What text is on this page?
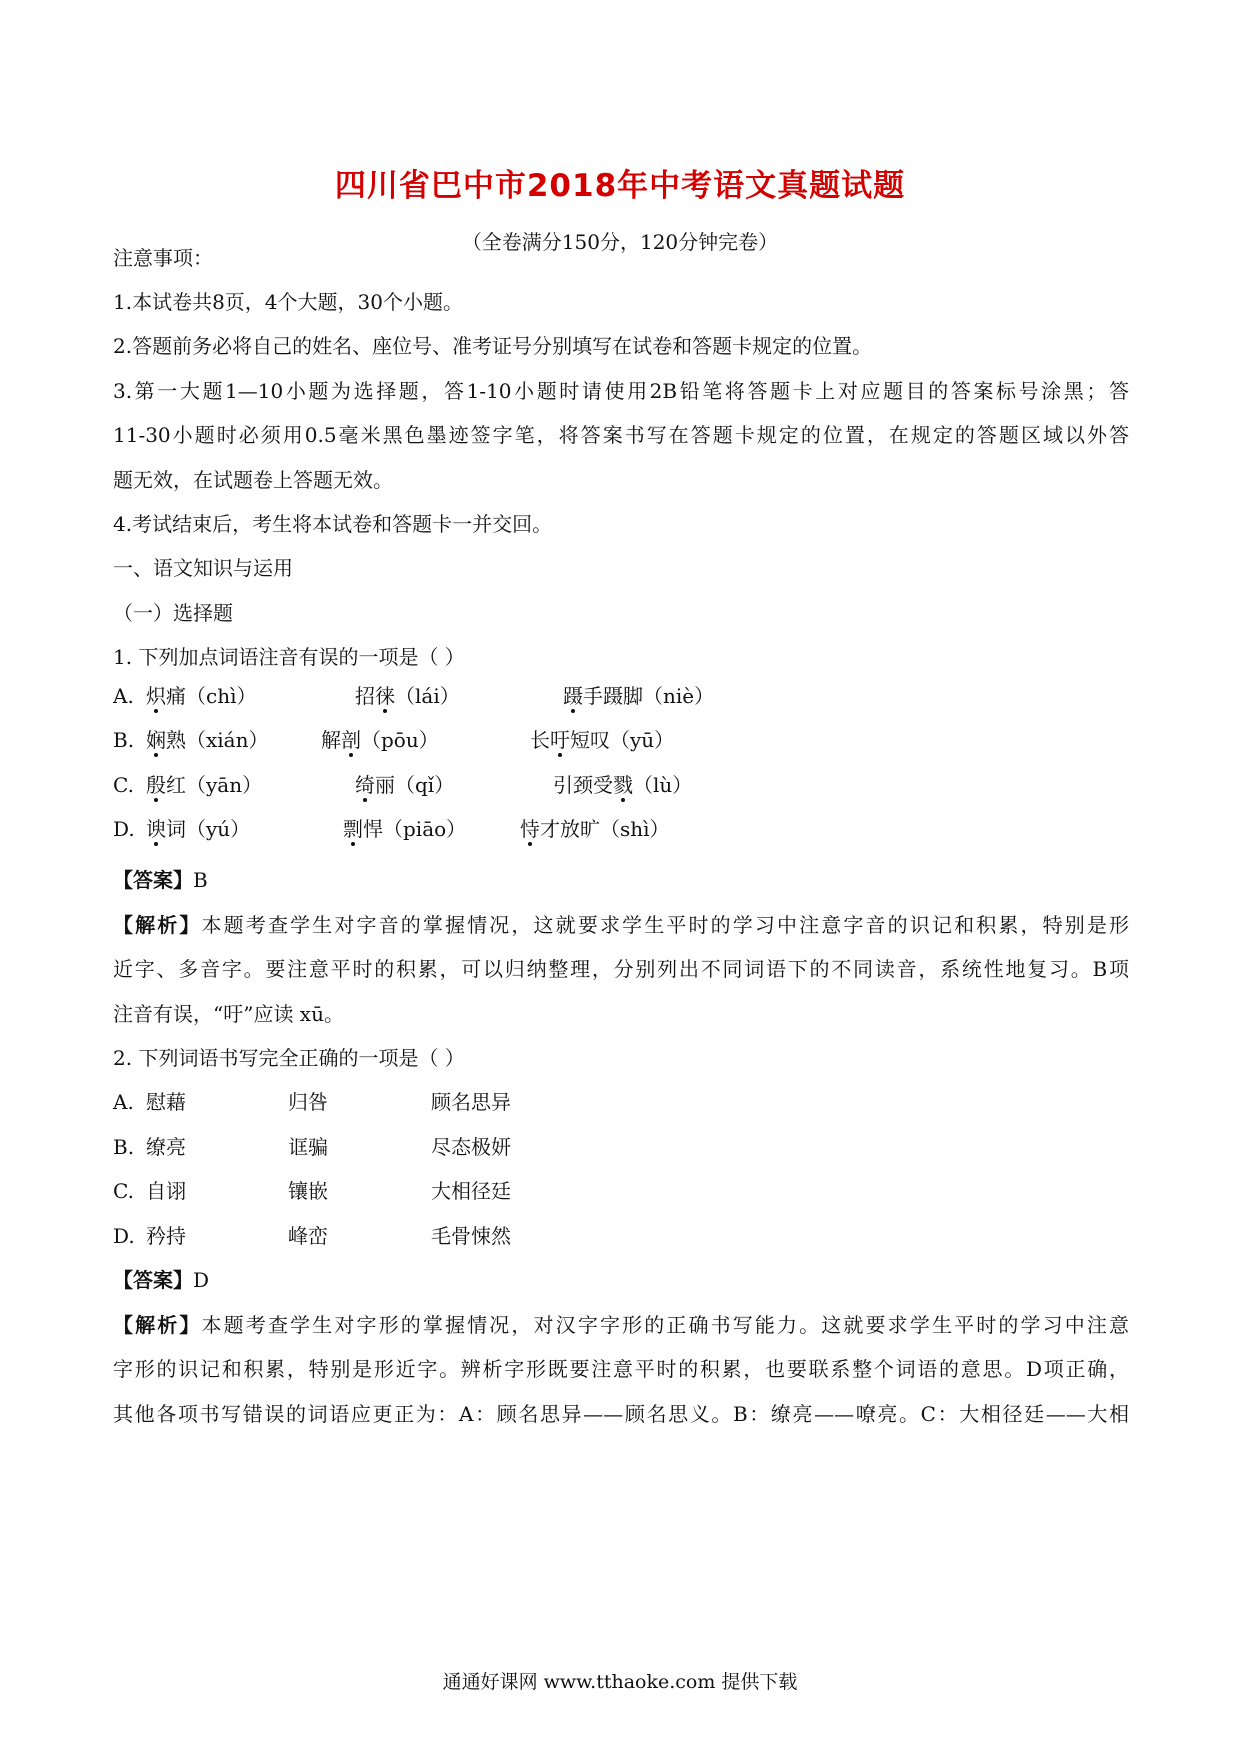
四川省巴中市2018年中考语文真题试题
（全卷满分150分，120分钟完卷）
注意事项：
1.本试卷共8页，4个大题，30个小题。
2.答题前务必将自己的姓名、座位号、准考证号分别填写在试卷和答题卡规定的位置。
3.第一大题1—10小题为选择题，答1-10小题时请使用2B铅笔将答题卡上对应题目的答案标号涂黑；答
11-30小题时必须用0.5毫米黑色墨迹签字笔，将答案书写在答题卡规定的位置，在规定的答题区域以外答
题无效，在试题卷上答题无效。
4.考试结束后，考生将本试卷和答题卡一并交回。
一、语文知识与运用
（一）选择题
1. 下列加点词语注音有误的一项是（ ）
A. 炽痛（chì）	招徕（lái）	蹑手蹑脚（niè）
B. 娴熟（xián）	解剖（pōu）	长吁短叹（yū）
C. 殷红（yān）	绮丽（qǐ）	引颈受戮（lù）
D. 谀词（yú）	剽悍（piāo）	恃才放旷（shì）
【答案】B
【解析】本题考查学生对字音的掌握情况，这就要求学生平时的学习中注意字音的识记和积累，特别是形
近字、多音字。要注意平时的积累，可以归纳整理，分别列出不同词语下的不同读音，系统性地复习。B项
注音有误，“吁”应读 xū。
2. 下列词语书写完全正确的一项是（ ）
A. 慰藉	归咎	顾名思异
B. 缭亮	诓骗	尽态极妍
C. 自诩	镶嵌	大相径廷
D. 矜持	峰峦	毛骨悚然
【答案】D
【解析】本题考查学生对字形的掌握情况，对汉字字形的正确书写能力。这就要求学生平时的学习中注意
字形的识记和积累，特别是形近字。辨析字形既要注意平时的积累，也要联系整个词语的意思。D项正确，
其他各项书写错误的词语应更正为：A：顾名思异——顾名思义。B：缭亮——嘹亮。C：大相径廷——大相
通通好课网 www.tthaoke.com 提供下载
